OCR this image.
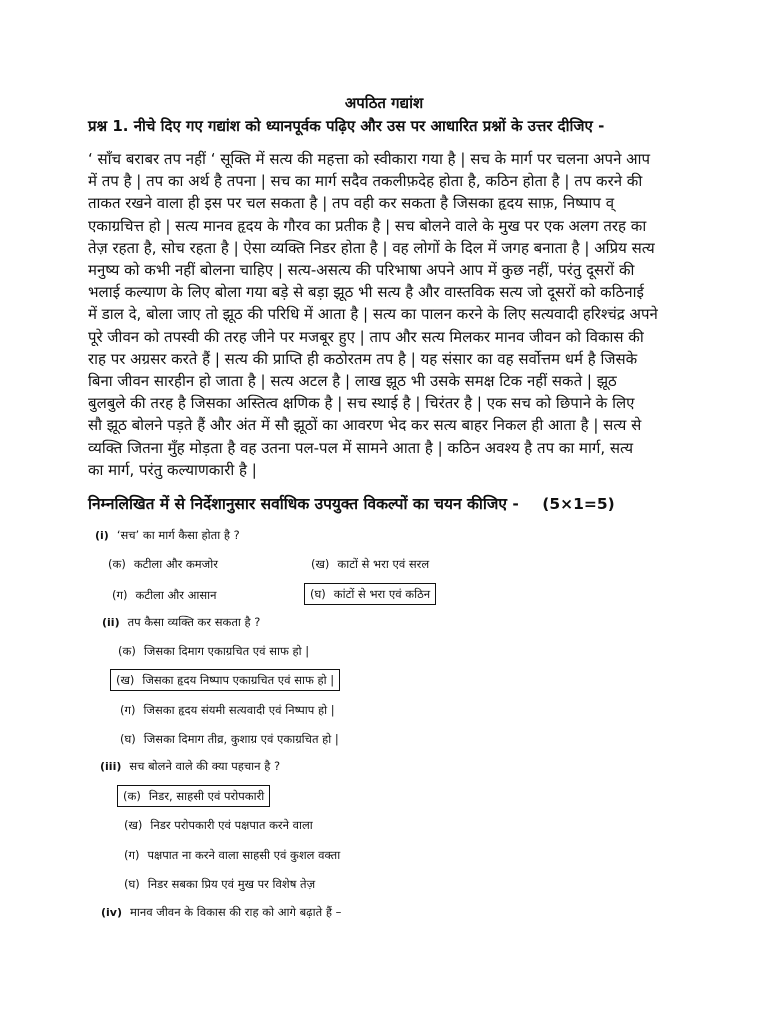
अपठित गद्यांश
प्रश्न 1. नीचे दिए गए गद्यांश को ध्यानपूर्वक पढ़िए और उस पर आधारित प्रश्नों के उत्तर दीजिए -

‘ साँच बराबर तप नहीं ‘ सूक्ति में सत्य की महत्ता को स्वीकारा गया है | सच के मार्ग पर चलना अपने आप
में तप है | तप का अर्थ है तपना | सच का मार्ग सदैव तकलीफ़देह होता है, कठिन होता है | तप करने की
ताकत रखने वाला ही इस पर चल सकता है | तप वही कर सकता है जिसका हृदय साफ़, निष्पाप व्
एकाग्रचित्त हो | सत्य मानव हृदय के गौरव का प्रतीक है | सच बोलने वाले के मुख पर एक अलग तरह का
तेज़ रहता है, सोच रहता है | ऐसा व्यक्ति निडर होता है | वह लोगों के दिल में जगह बनाता है | अप्रिय सत्य
मनुष्य को कभी नहीं बोलना चाहिए | सत्य-असत्य की परिभाषा अपने आप में कुछ नहीं, परंतु दूसरों की
भलाई कल्याण के लिए बोला गया बड़े से बड़ा झूठ भी सत्य है और वास्तविक सत्य जो दूसरों को कठिनाई
में डाल दे, बोला जाए तो झूठ की परिधि में आता है | सत्य का पालन करने के लिए सत्यवादी हरिश्चंद्र अपने
पूरे जीवन को तपस्वी की तरह जीने पर मजबूर हुए | ताप और सत्य मिलकर मानव जीवन को विकास की
राह पर अग्रसर करते हैं | सत्य की प्राप्ति ही कठोरतम तप है | यह संसार का वह सर्वोत्तम धर्म है जिसके
बिना जीवन सारहीन हो जाता है | सत्य अटल है | लाख झूठ भी उसके समक्ष टिक नहीं सकते | झूठ
बुलबुले की तरह है जिसका अस्तित्व क्षणिक है | सच स्थाई है | चिरंतर है | एक सच को छिपाने के लिए
सौ झूठ बोलने पड़ते हैं और अंत में सौ झूठों का आवरण भेद कर सत्य बाहर निकल ही आता है | सत्य से
व्यक्ति जितना मुँह मोड़ता है वह उतना पल-पल में सामने आता है | कठिन अवश्य है तप का मार्ग, सत्य
का मार्ग, परंतु कल्याणकारी है |

निम्नलिखित में से निर्देशानुसार सर्वाधिक उपयुक्त विकल्पों का चयन कीजिए - (5×1=5)
(i) ‘सच’ का मार्ग कैसा होता है ?
(क) कटीला और कमजोर	(ख) काटों से भरा एवं सरल
(ग) कटीला और आसान	(घ) कांटों से भरा एवं कठिन
(ii) तप कैसा व्यक्ति कर सकता है ?
(क) जिसका दिमाग एकाग्रचित एवं साफ हो |
(ख) जिसका हृदय निष्पाप एकाग्रचित एवं साफ हो |
(ग) जिसका हृदय संयमी सत्यवादी एवं निष्पाप हो |
(घ) जिसका दिमाग तीव्र, कुशाग्र एवं एकाग्रचित हो |
(iii) सच बोलने वाले की क्या पहचान है ?
(क) निडर, साहसी एवं परोपकारी
(ख) निडर परोपकारी एवं पक्षपात करने वाला
(ग) पक्षपात ना करने वाला साहसी एवं कुशल वक्ता
(घ) निडर सबका प्रिय एवं मुख पर विशेष तेज़
(iv) मानव जीवन के विकास की राह को आगे बढ़ाते हैं –
